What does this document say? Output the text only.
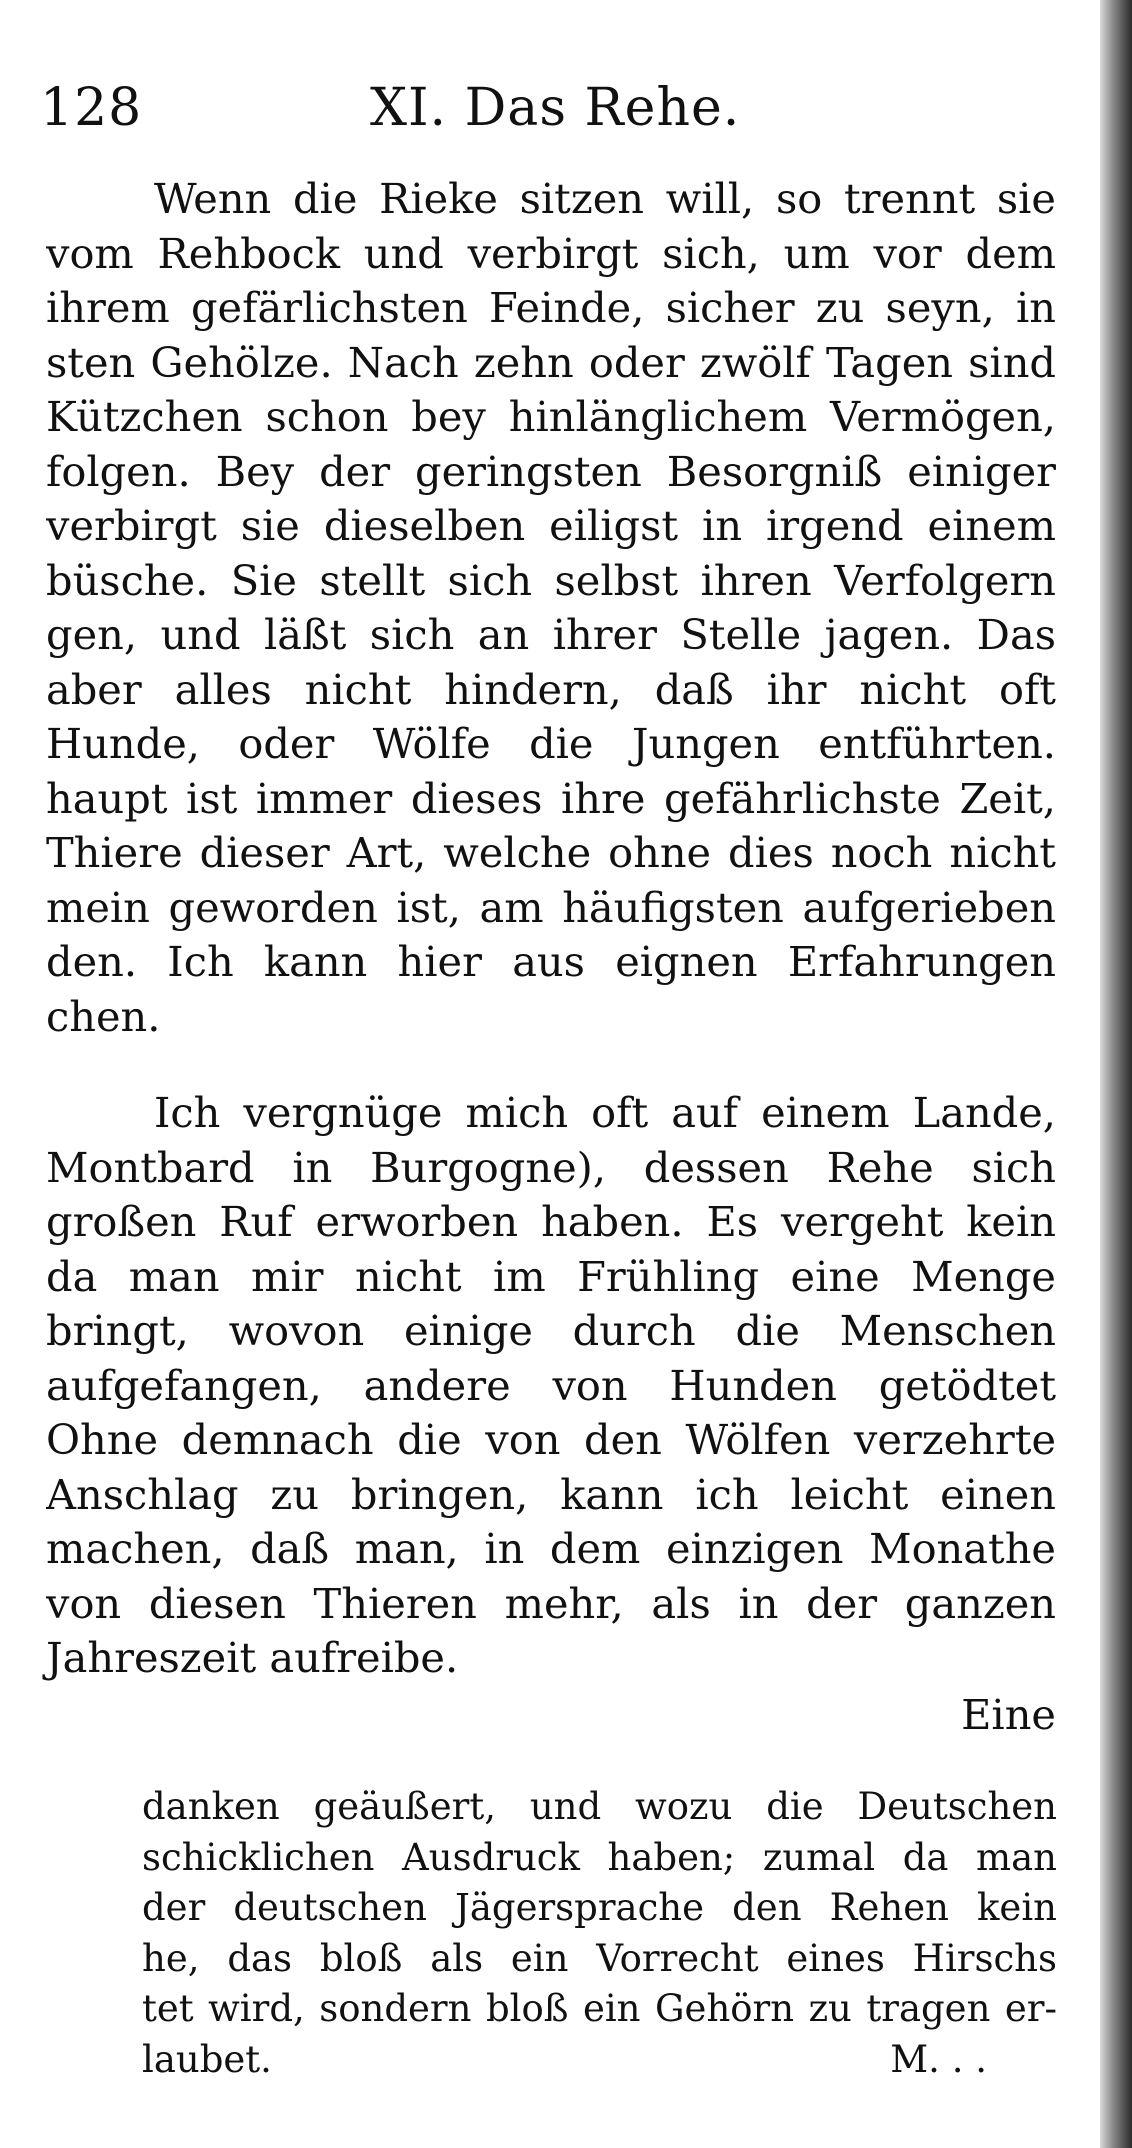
128	XI. Das Rehe.
Wenn die Rieke sitzen will, so trennt sie
vom Rehbock und verbirgt sich, um vor dem
ihrem gefärlichsten Feinde, sicher zu seyn, in
sten Gehölze. Nach zehn oder zwölf Tagen sind
Kützchen schon bey hinlänglichem Vermögen,
folgen. Bey der geringsten Besorgniß einiger
verbirgt sie dieselben eiligst in irgend einem
büsche. Sie stellt sich selbst ihren Verfolgern
gen, und läßt sich an ihrer Stelle jagen. Das
aber alles nicht hindern, daß ihr nicht oft
Hunde, oder Wölfe die Jungen entführten.
haupt ist immer dieses ihre gefährlichste Zeit,
Thiere dieser Art, welche ohne dies noch nicht
mein geworden ist, am häufigsten aufgerieben
den. Ich kann hier aus eignen Erfahrungen
chen.
Ich vergnüge mich oft auf einem Lande,
Montbard in Burgogne), dessen Rehe sich
großen Ruf erworben haben. Es vergeht kein
da man mir nicht im Frühling eine Menge
bringt, wovon einige durch die Menschen
aufgefangen, andere von Hunden getödtet
Ohne demnach die von den Wölfen verzehrte
Anschlag zu bringen, kann ich leicht einen
machen, daß man, in dem einzigen Monathe
von diesen Thieren mehr, als in der ganzen
Jahreszeit aufreibe.
Eine
danken geäußert, und wozu die Deutschen
schicklichen Ausdruck haben; zumal da man
der deutschen Jägersprache den Rehen kein
he, das bloß als ein Vorrecht eines Hirschs
tet wird, sondern bloß ein Gehörn zu tragen er-
laubet.	M. . .
